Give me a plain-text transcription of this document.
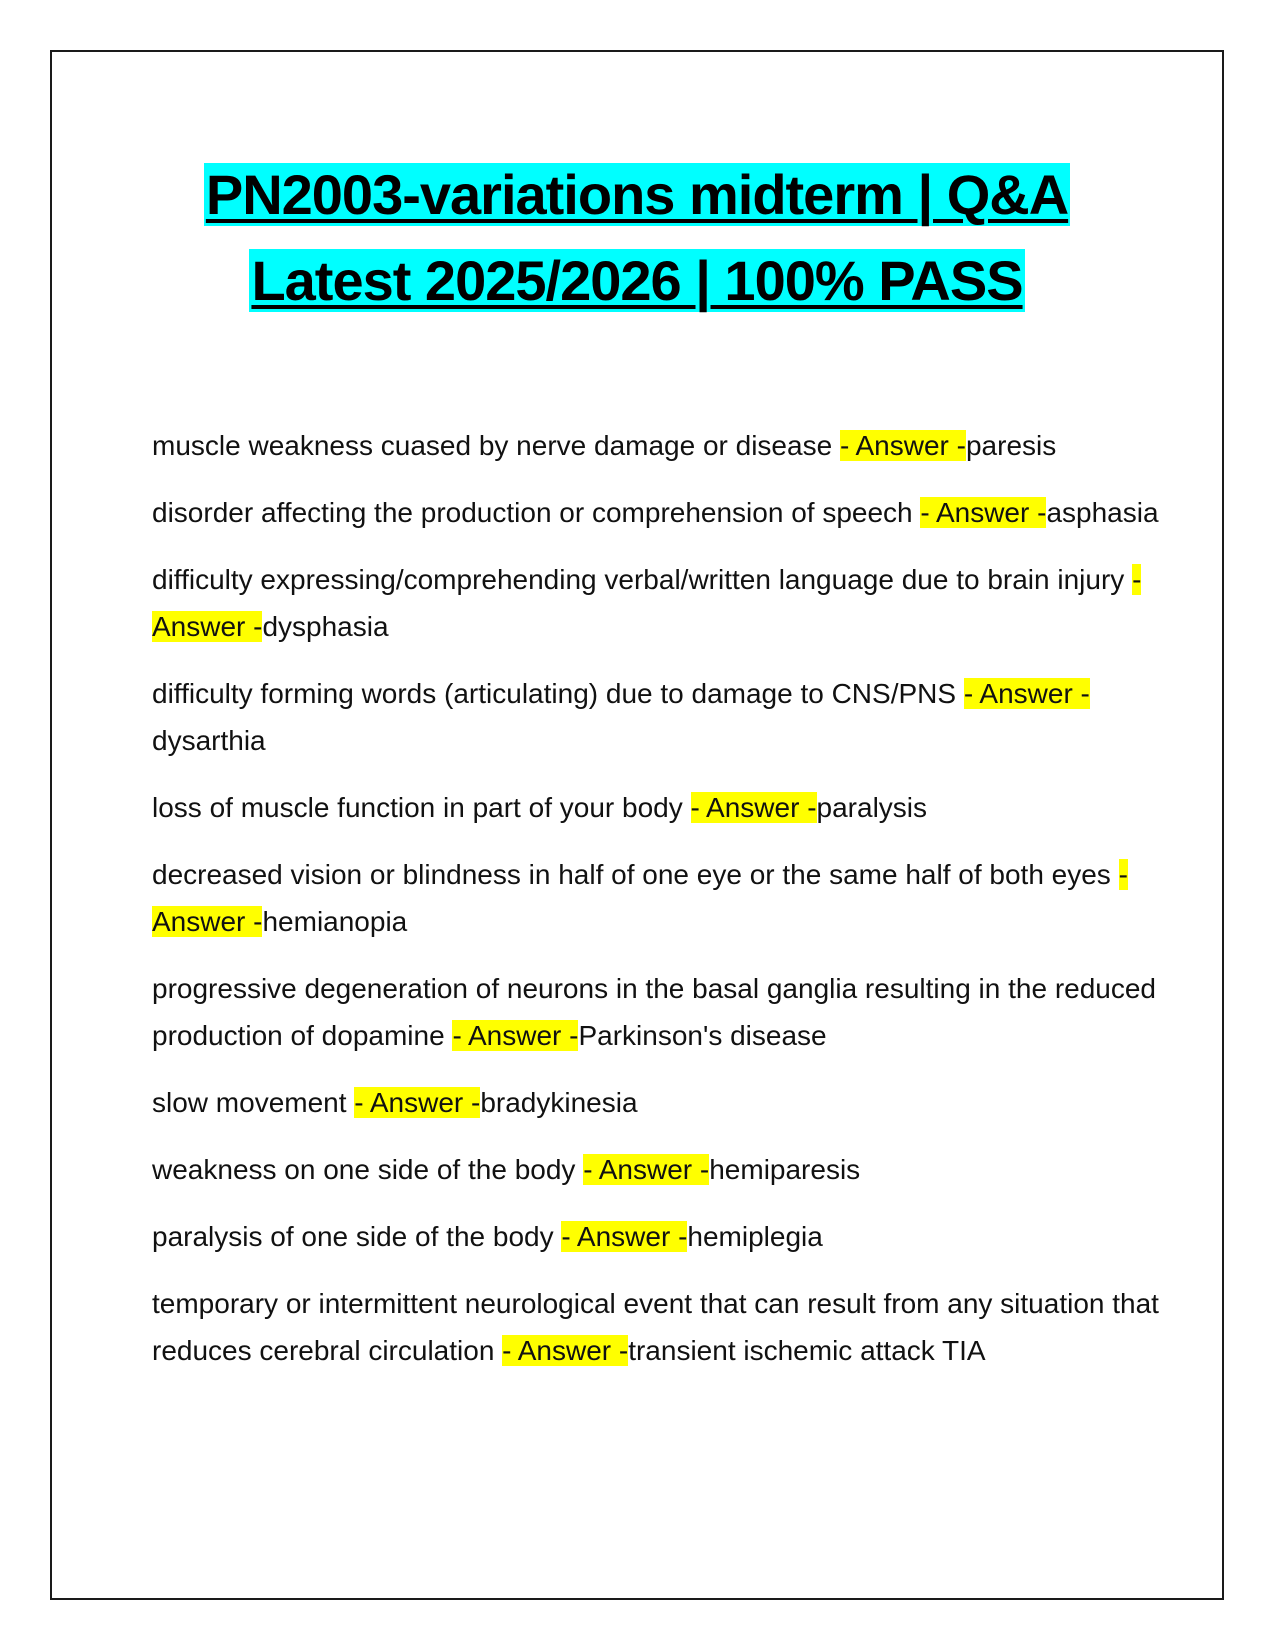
PN2003-variations midterm | Q&A
Latest 2025/2026 | 100% PASS

muscle weakness cuased by nerve damage or disease - Answer -paresis

disorder affecting the production or comprehension of speech - Answer -asphasia

difficulty expressing/comprehending verbal/written language due to brain injury - Answer -dysphasia

difficulty forming words (articulating) due to damage to CNS/PNS - Answer -dysarthia

loss of muscle function in part of your body - Answer -paralysis

decreased vision or blindness in half of one eye or the same half of both eyes - Answer -hemianopia

progressive degeneration of neurons in the basal ganglia resulting in the reduced production of dopamine - Answer -Parkinson's disease

slow movement - Answer -bradykinesia

weakness on one side of the body - Answer -hemiparesis

paralysis of one side of the body - Answer -hemiplegia

temporary or intermittent neurological event that can result from any situation that reduces cerebral circulation - Answer -transient ischemic attack TIA
